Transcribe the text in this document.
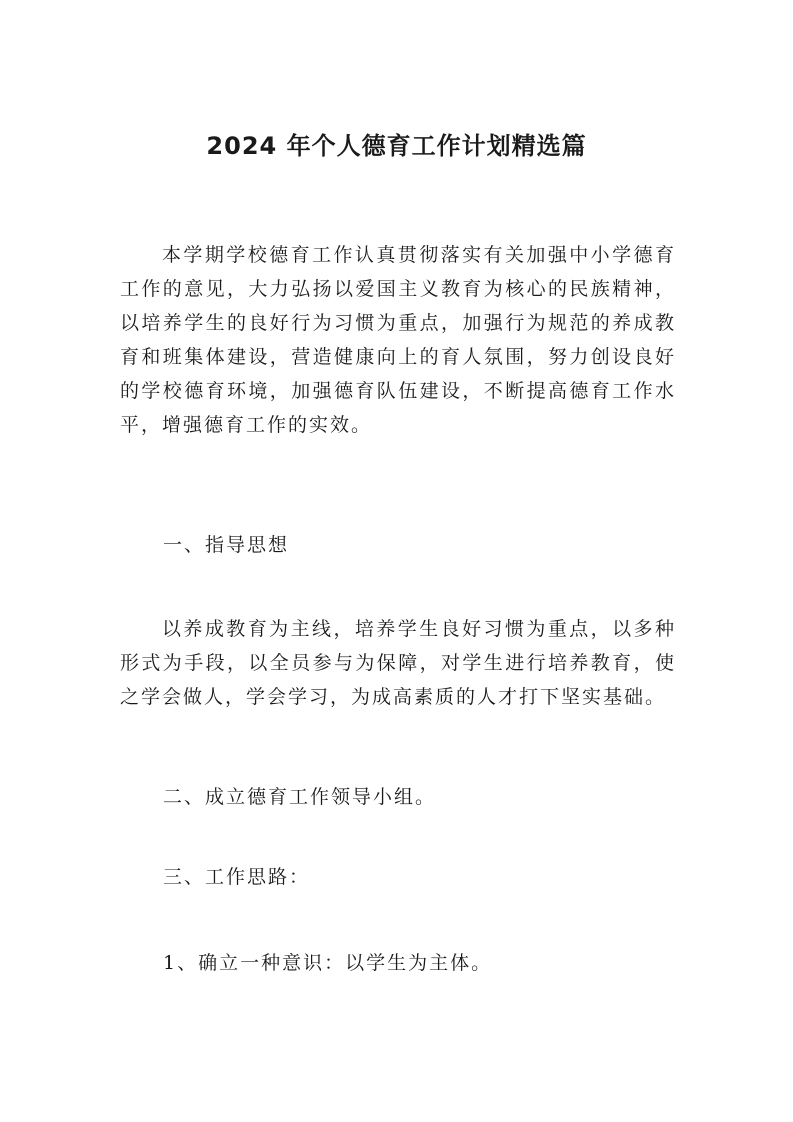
2024 年个人德育工作计划精选篇

本学期学校德育工作认真贯彻落实有关加强中小学德育工作的意见，大力弘扬以爱国主义教育为核心的民族精神，以培养学生的良好行为习惯为重点，加强行为规范的养成教育和班集体建设，营造健康向上的育人氛围，努力创设良好的学校德育环境，加强德育队伍建设，不断提高德育工作水平，增强德育工作的实效。

一、指导思想

以养成教育为主线，培养学生良好习惯为重点，以多种形式为手段，以全员参与为保障，对学生进行培养教育，使之学会做人，学会学习，为成高素质的人才打下坚实基础。

二、成立德育工作领导小组。

三、工作思路：

1、确立一种意识：以学生为主体。
